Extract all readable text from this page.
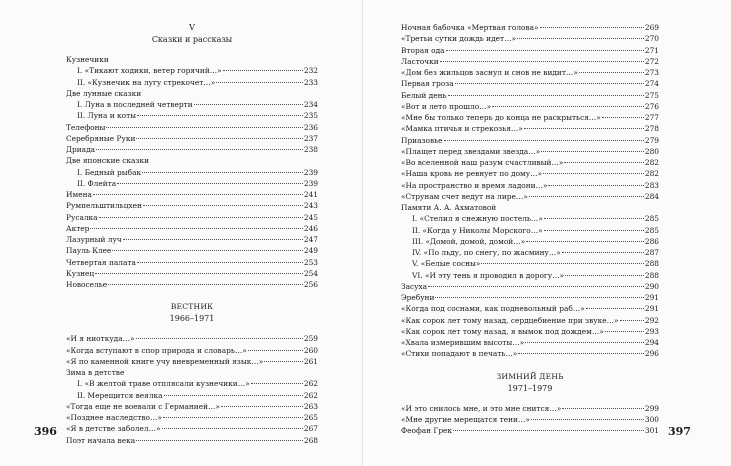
V
Сказки и рассказы
Кузнечики
I. «Тикают ходики, ветер горячий…»	232
II. «Кузнечик на лугу стрекочет…»	233
Две лунные сказки
I. Луна в последней четверти	234
II. Луна и коты	235
Телефоны	236
Серебряные Руки	237
Дриада	238
Две японские сказки
I. Бедный рыбак	239
II. Флейта	239
Имена	241
Румпельштильцхен	243
Русалка	245
Актер	246
Лазурный луч	247
Пауль Клее	249
Четвертая палата	253
Кузнец	254
Новоселье	256
ВЕСТНИК
1966–1971
«И я ниоткуда…»	259
«Когда вступают в спор природа и словарь…»	260
«Я по каменной книге учу вневременный язык…»	261
Зима в детстве
I. «В желтой траве отплясали кузнечики…»	262
II. Мерещится веялка	262
«Тогда еще не воевали с Германией…»	263
«Позднее наследство…»	265
«Я в детстве заболел…»	267
Поэт начала века	268
396
Ночная бабочка «Мертвая голова»	269
«Третьи сутки дождь идет…»	270
Вторая ода	271
Ласточки	272
«Дом без жильцов заснул и снов не видит…»	273
Первая гроза	274
Белый день	275
«Вот и лето прошло…»	276
«Мне бы только теперь до конца не раскрыться…»	277
«Мамка птичья и стрекозья…»	278
Приазовье	279
«Плащет перед звездами звезда…»	280
«Во вселенной наш разум счастливый…»	282
«Наша кровь не ревнует по дому…»	282
«На пространство и время ладони…»	283
«Струнам счет ведут на лире…»	284
Памяти А. А. Ахматовой
I. «Стелил я снежную постель…»	285
II. «Когда у Николы Морского…»	285
III. «Домой, домой, домой…»	286
IV. «По льду, по снегу, по жасмину…»	287
V. «Белые сосны»	288
VI. «И эту тень я проводил в дорогу…»	288
Засуха	290
Эребуни	291
«Когда под соснами, как подневольный раб…»	291
«Как сорок лет тому назад, сердцебиение при звуке…»	292
«Как сорок лет тому назад, я вымок под дождем…»	293
«Хвала измерившим высоты…»	294
«Стихи попадают в печать…»	296
ЗИМНИЙ ДЕНЬ
1971–1979
«И это снилось мне, и это мне снится…»	299
«Мне другие мерещатся тени…»	300
Феофан Грек	301 397
